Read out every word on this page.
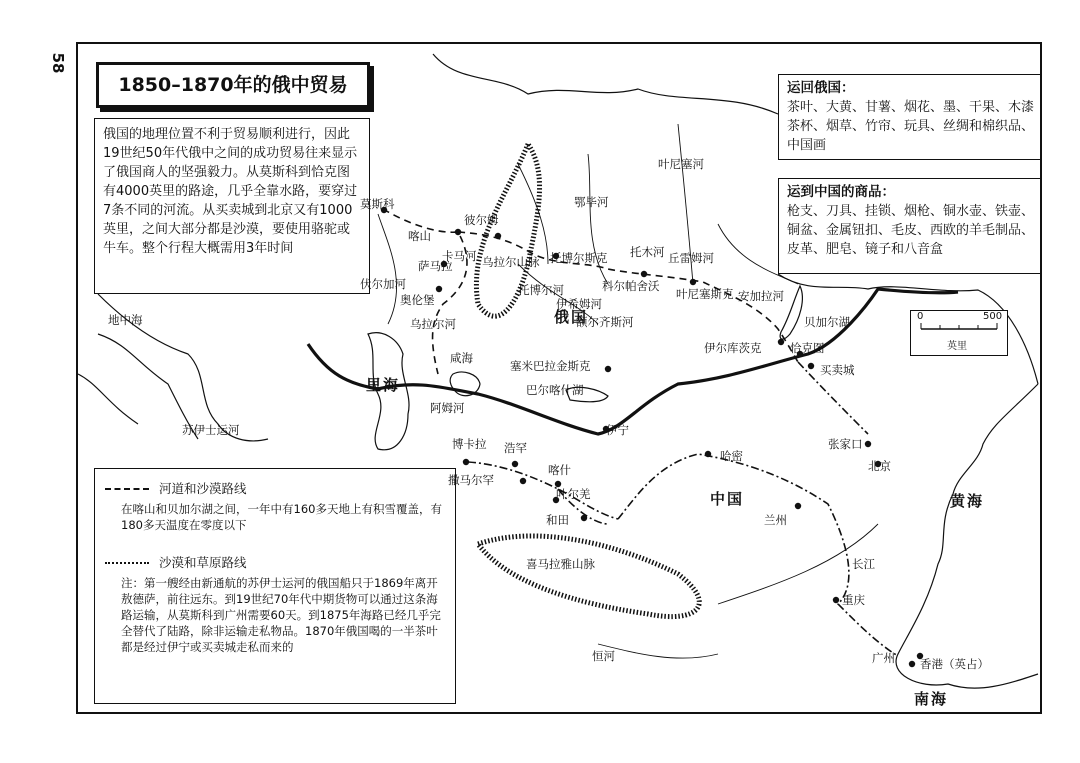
58
1850–1870年的俄中贸易
俄国的地理位置不利于贸易顺利进行，因此19世纪50年代俄中之间的成功贸易往来显示了俄国商人的坚强毅力。从莫斯科到恰克图有4000英里的路途，几乎全靠水路，要穿过7条不同的河流。从买卖城到北京又有1000英里，之间大部分都是沙漠，要使用骆驼或牛车。整个行程大概需用3年时间
运回俄国：
茶叶、大黄、甘薯、烟花、墨、干果、木漆茶杯、烟草、竹帘、玩具、丝绸和棉织品、中国画
运到中国的商品：
枪支、刀具、挂锁、烟枪、铜水壶、铁壶、铜盆、金属钮扣、毛皮、西欧的羊毛制品、皮革、肥皂、镜子和八音盒
河道和沙漠路线
在喀山和贝加尔湖之间，一年中有160多天地上有积雪覆盖，有180多天温度在零度以下
沙漠和草原路线
注：第一艘经由新通航的苏伊士运河的俄国船只于1869年离开敖德萨，前往远东。到19世纪70年代中期货物可以通过这条海路运输，从莫斯科到广州需要60天。到1875年海路已经几乎完全替代了陆路，除非运输走私物品。1870年俄国喝的一半茶叶都是经过伊宁或买卖城走私而来的
0	500
英里
莫斯科
喀山
彼尔姆
萨马拉
奥伦堡
托博尔斯克
科尔帕舍沃
叶尼塞斯克
伊尔库茨克 恰克图
买卖城
塞米巴拉金斯克
伊宁
哈密
张家口
北京
博卡拉 浩罕
撒马尔罕
喀什
叶尔羌
和田	兰州
重庆
广州 香港（英占）
俄国
中国	黄海
南海
里海
咸海
地中海
苏伊士运河
巴尔喀什湖
贝加尔湖
乌拉尔山脉
喜马拉雅山脉
恒河
长江
伏尔加河
卡马河
乌拉尔河
鄂毕河
额尔齐斯河
托博尔河
伊希姆河
叶尼塞河
安加拉河
托木河 丘雷姆河
阿姆河
